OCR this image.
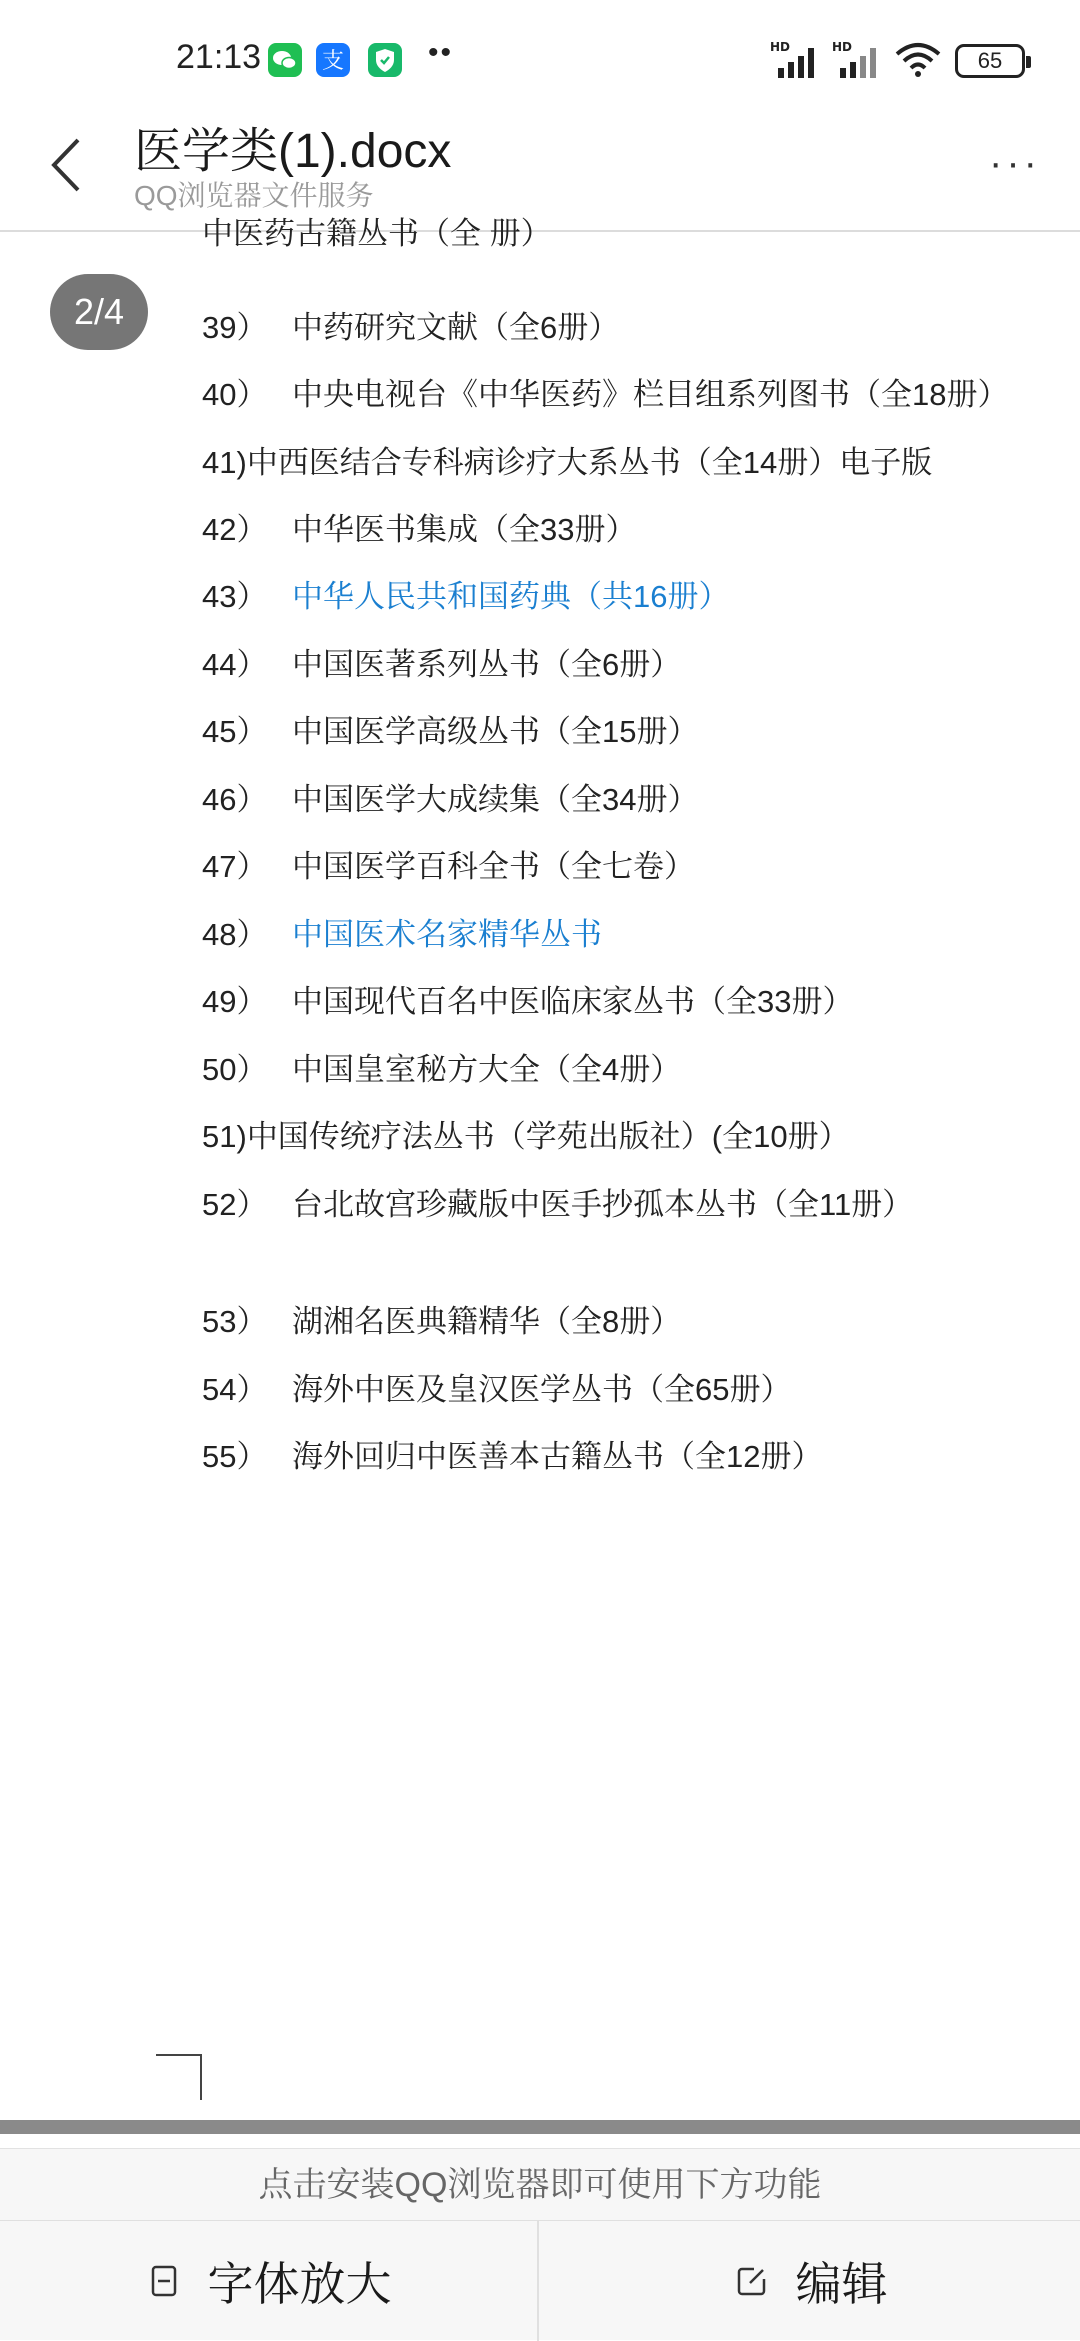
21:13	支	••	HD	HD
65
医学类(1).docx
QQ浏览器文件服务
···
中医药古籍丛书（全 册）
39） 中药研究文献（全6册）
40） 中央电视台《中华医药》栏目组系列图书（全18册）
41)中西医结合专科病诊疗大系丛书（全14册）电子版
42） 中华医书集成（全33册）
43） 中华人民共和国药典（共16册）
44） 中国医著系列丛书（全6册）
45） 中国医学高级丛书（全15册）
46） 中国医学大成续集（全34册）
47） 中国医学百科全书（全七卷）
48） 中国医术名家精华丛书
49） 中国现代百名中医临床家丛书（全33册）
50） 中国皇室秘方大全（全4册）
51)中国传统疗法丛书（学苑出版社）(全10册）
52） 台北故宫珍藏版中医手抄孤本丛书（全11册）
53） 湖湘名医典籍精华（全8册）
54） 海外中医及皇汉医学丛书（全65册）
55） 海外回归中医善本古籍丛书（全12册）
2/4
点击安装QQ浏览器即可使用下方功能
字体放大	编辑
